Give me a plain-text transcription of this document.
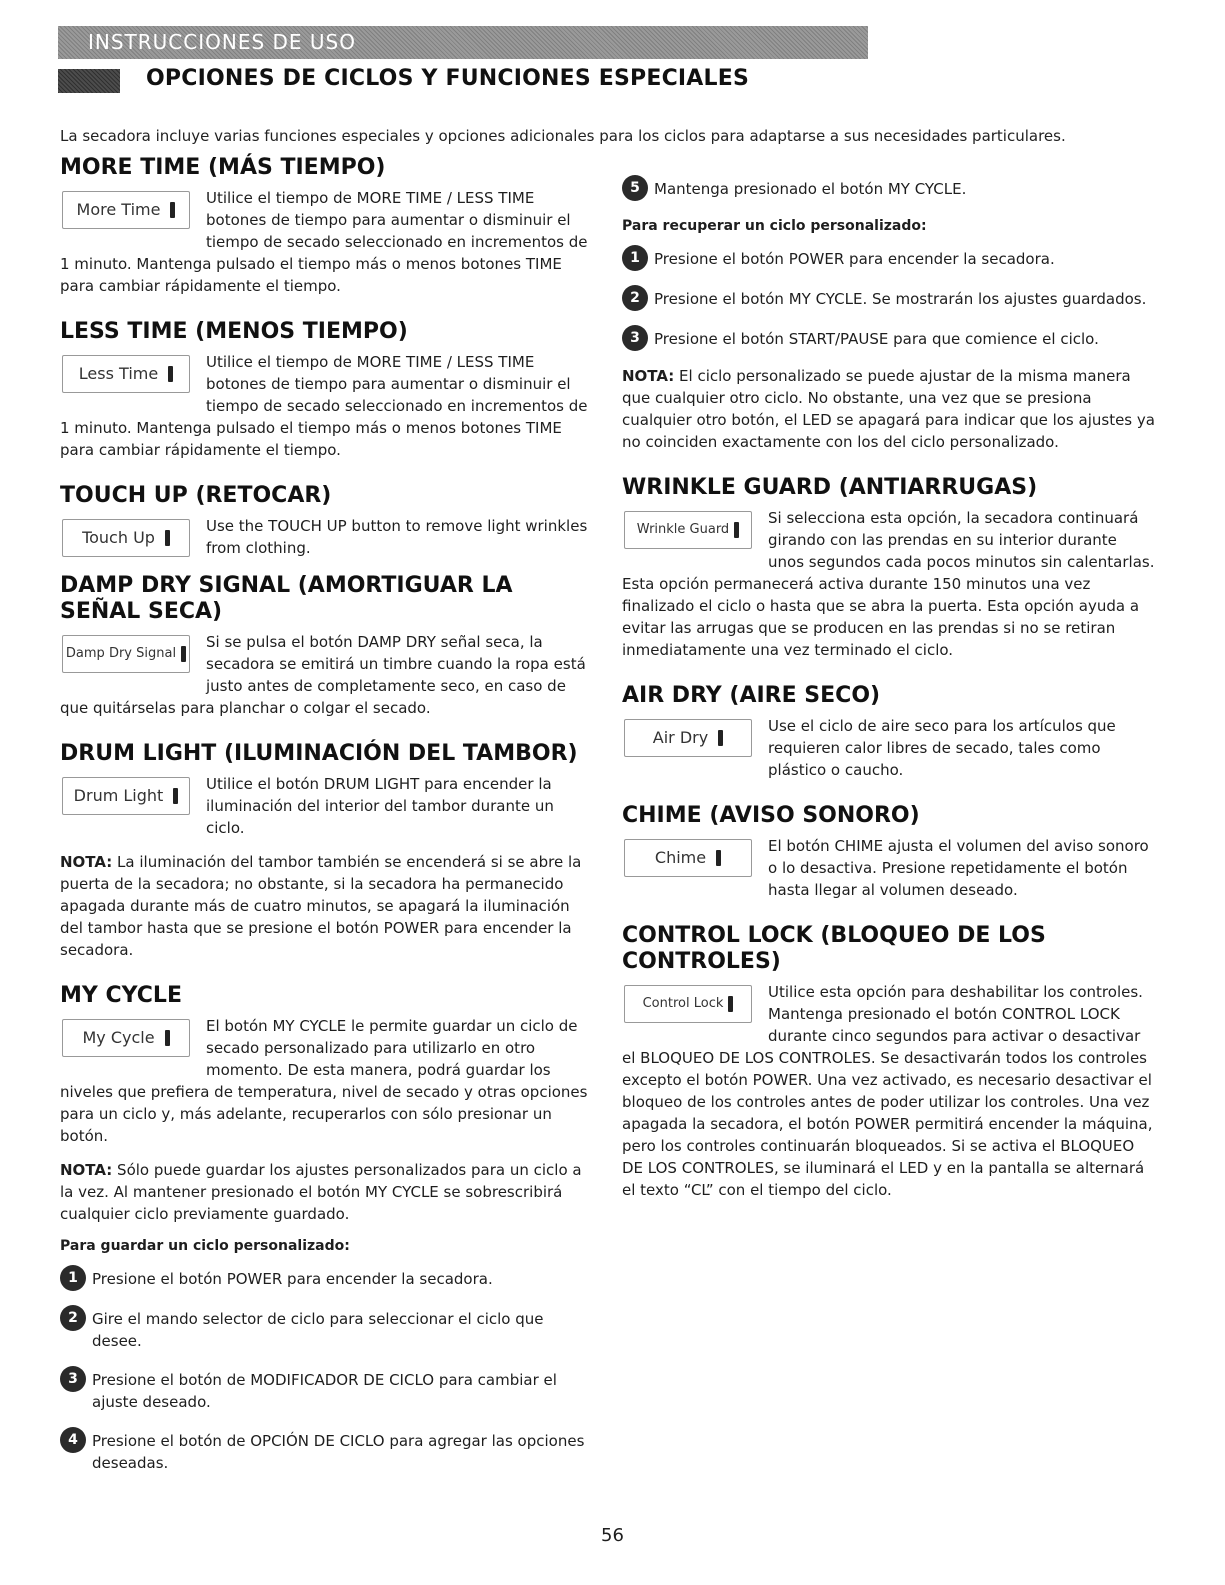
INSTRUCCIONES DE USO
OPCIONES DE CICLOS Y FUNCIONES ESPECIALES
La secadora incluye varias funciones especiales y opciones adicionales para los ciclos para adaptarse a sus necesidades particulares.
MORE TIME (MÁS TIEMPO)
More Time

Utilice el tiempo de MORE TIME / LESS TIME botones de tiempo para aumentar o disminuir el tiempo de secado seleccionado en incrementos de 1 minuto. Mantenga pulsado el tiempo más o menos botones TIME para cambiar rápidamente el tiempo.

LESS TIME (MENOS TIEMPO)
Less Time

Utilice el tiempo de MORE TIME / LESS TIME botones de tiempo para aumentar o disminuir el tiempo de secado seleccionado en incrementos de 1 minuto. Mantenga pulsado el tiempo más o menos botones TIME para cambiar rápidamente el tiempo.

TOUCH UP (RETOCAR)
Touch Up

Use the TOUCH UP button to remove light wrinkles from clothing.

DAMP DRY SIGNAL (AMORTIGUAR LA SEÑAL SECA)
Damp Dry Signal

Si se pulsa el botón DAMP DRY señal seca, la secadora se emitirá un timbre cuando la ropa está justo antes de completamente seco, en caso de que quitárselas para planchar o colgar el secado.

DRUM LIGHT (ILUMINACIÓN DEL TAMBOR)
Drum Light

Utilice el botón DRUM LIGHT para encender la iluminación del interior del tambor durante un ciclo.

NOTA: La iluminación del tambor también se encenderá si se abre la puerta de la secadora; no obstante, si la secadora ha permanecido apagada durante más de cuatro minutos, se apagará la iluminación del tambor hasta que se presione el botón POWER para encender la secadora.

MY CYCLE
My Cycle

El botón MY CYCLE le permite guardar un ciclo de secado personalizado para utilizarlo en otro momento. De esta manera, podrá guardar los niveles que prefiera de temperatura, nivel de secado y otras opciones para un ciclo y, más adelante, recuperarlos con sólo presionar un botón.

NOTA: Sólo puede guardar los ajustes personalizados para un ciclo a la vez. Al mantener presionado el botón MY CYCLE se sobrescribirá cualquier ciclo previamente guardado.

Para guardar un ciclo personalizado:
1 Presione el botón POWER para encender la secadora.
2 Gire el mando selector de ciclo para seleccionar el ciclo que desee.
3 Presione el botón de MODIFICADOR DE CICLO para cambiar el ajuste deseado.
4 Presione el botón de OPCIÓN DE CICLO para agregar las opciones deseadas.
5 Mantenga presionado el botón MY CYCLE.
Para recuperar un ciclo personalizado:
1 Presione el botón POWER para encender la secadora.
2 Presione el botón MY CYCLE. Se mostrarán los ajustes guardados.
3 Presione el botón START/PAUSE para que comience el ciclo.

NOTA: El ciclo personalizado se puede ajustar de la misma manera que cualquier otro ciclo. No obstante, una vez que se presiona cualquier otro botón, el LED se apagará para indicar que los ajustes ya no coinciden exactamente con los del ciclo personalizado.

WRINKLE GUARD (ANTIARRUGAS)
Wrinkle Guard

Si selecciona esta opción, la secadora continuará girando con las prendas en su interior durante unos segundos cada pocos minutos sin calentarlas. Esta opción permanecerá activa durante 150 minutos una vez finalizado el ciclo o hasta que se abra la puerta. Esta opción ayuda a evitar las arrugas que se producen en las prendas si no se retiran inmediatamente una vez terminado el ciclo.

AIR DRY (AIRE SECO)
Air Dry

Use el ciclo de aire seco para los artículos que requieren calor libres de secado, tales como plástico o caucho.

CHIME (AVISO SONORO)
Chime

El botón CHIME ajusta el volumen del aviso sonoro o lo desactiva. Presione repetidamente el botón hasta llegar al volumen deseado.

CONTROL LOCK (BLOQUEO DE LOS CONTROLES)
Control Lock

Utilice esta opción para deshabilitar los controles. Mantenga presionado el botón CONTROL LOCK durante cinco segundos para activar o desactivar el BLOQUEO DE LOS CONTROLES. Se desactivarán todos los controles excepto el botón POWER. Una vez activado, es necesario desactivar el bloqueo de los controles antes de poder utilizar los controles. Una vez apagada la secadora, el botón POWER permitirá encender la máquina, pero los controles continuarán bloqueados. Si se activa el BLOQUEO DE LOS CONTROLES, se iluminará el LED y en la pantalla se alternará el texto “CL” con el tiempo del ciclo.

56
